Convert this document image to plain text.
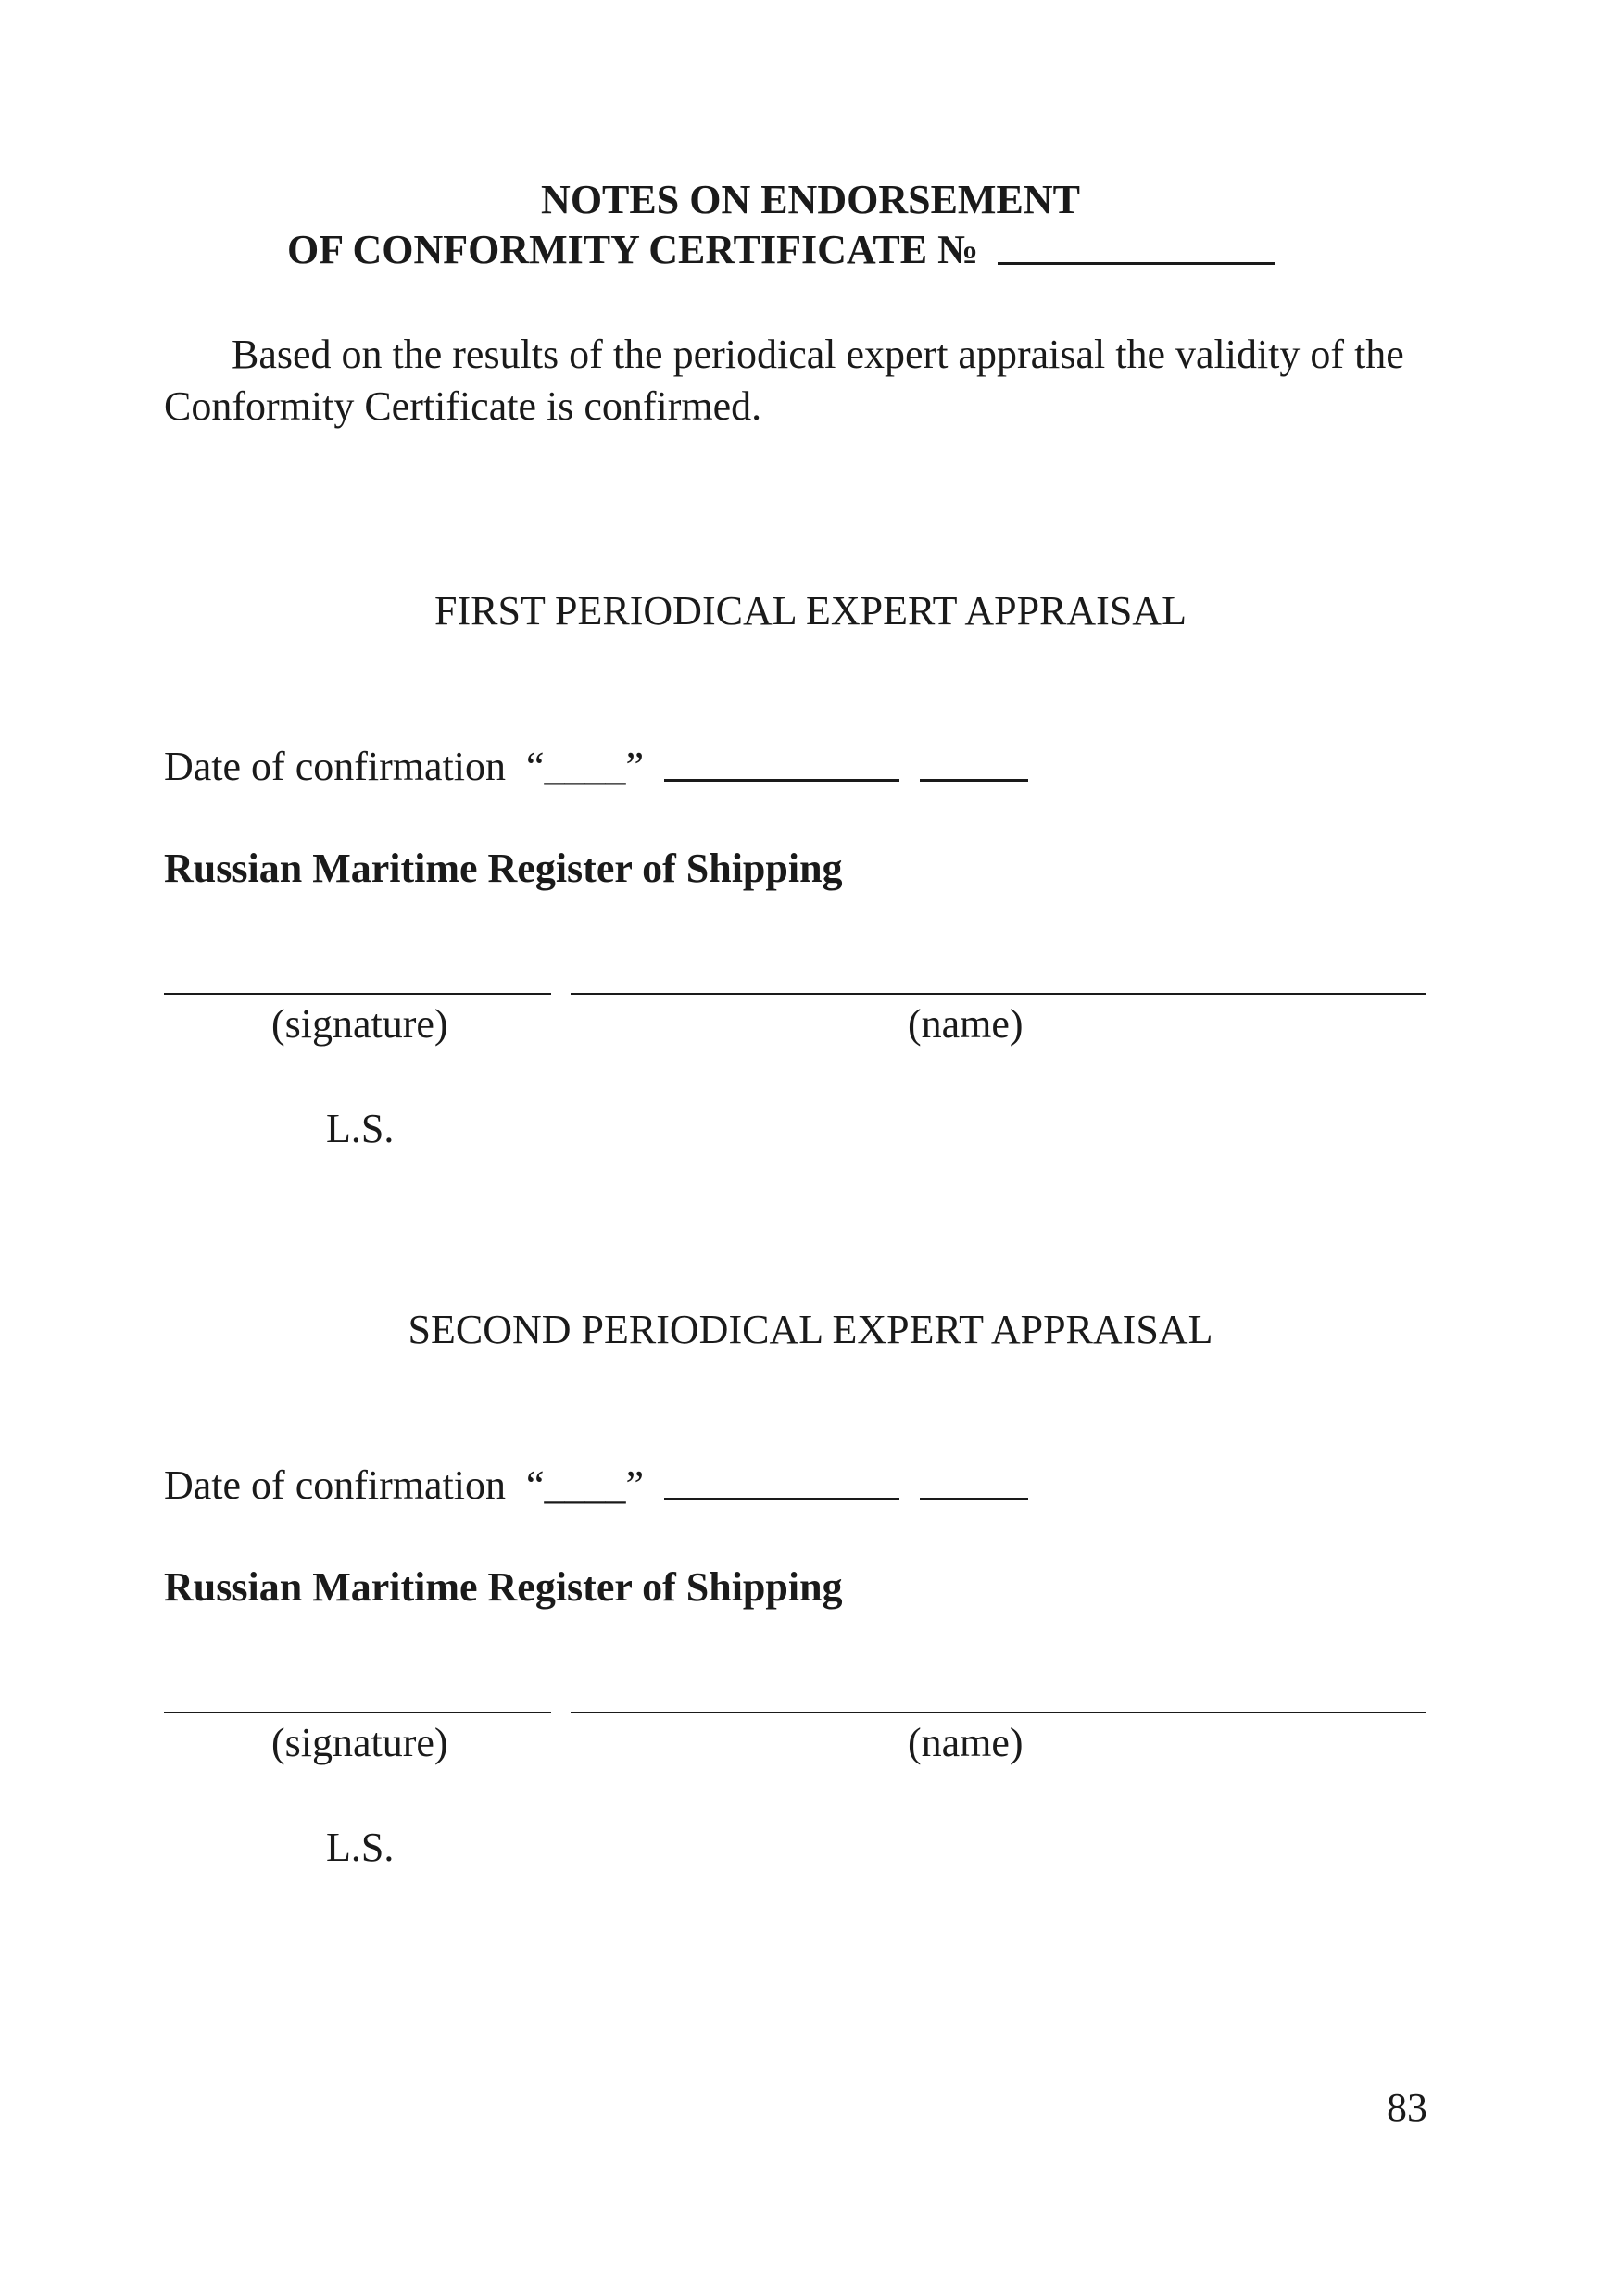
NOTES ON ENDORSEMENT
OF CONFORMITY CERTIFICATE №
Based on the results of the periodical expert appraisal the validity of the Conformity Certificate is confirmed.
FIRST PERIODICAL EXPERT APPRAISAL
Date of confirmation “____”
Russian Maritime Register of Shipping
(signature)	(name)
L.S.
SECOND PERIODICAL EXPERT APPRAISAL
Date of confirmation “____”
Russian Maritime Register of Shipping
(signature)	(name)
L.S.
83
